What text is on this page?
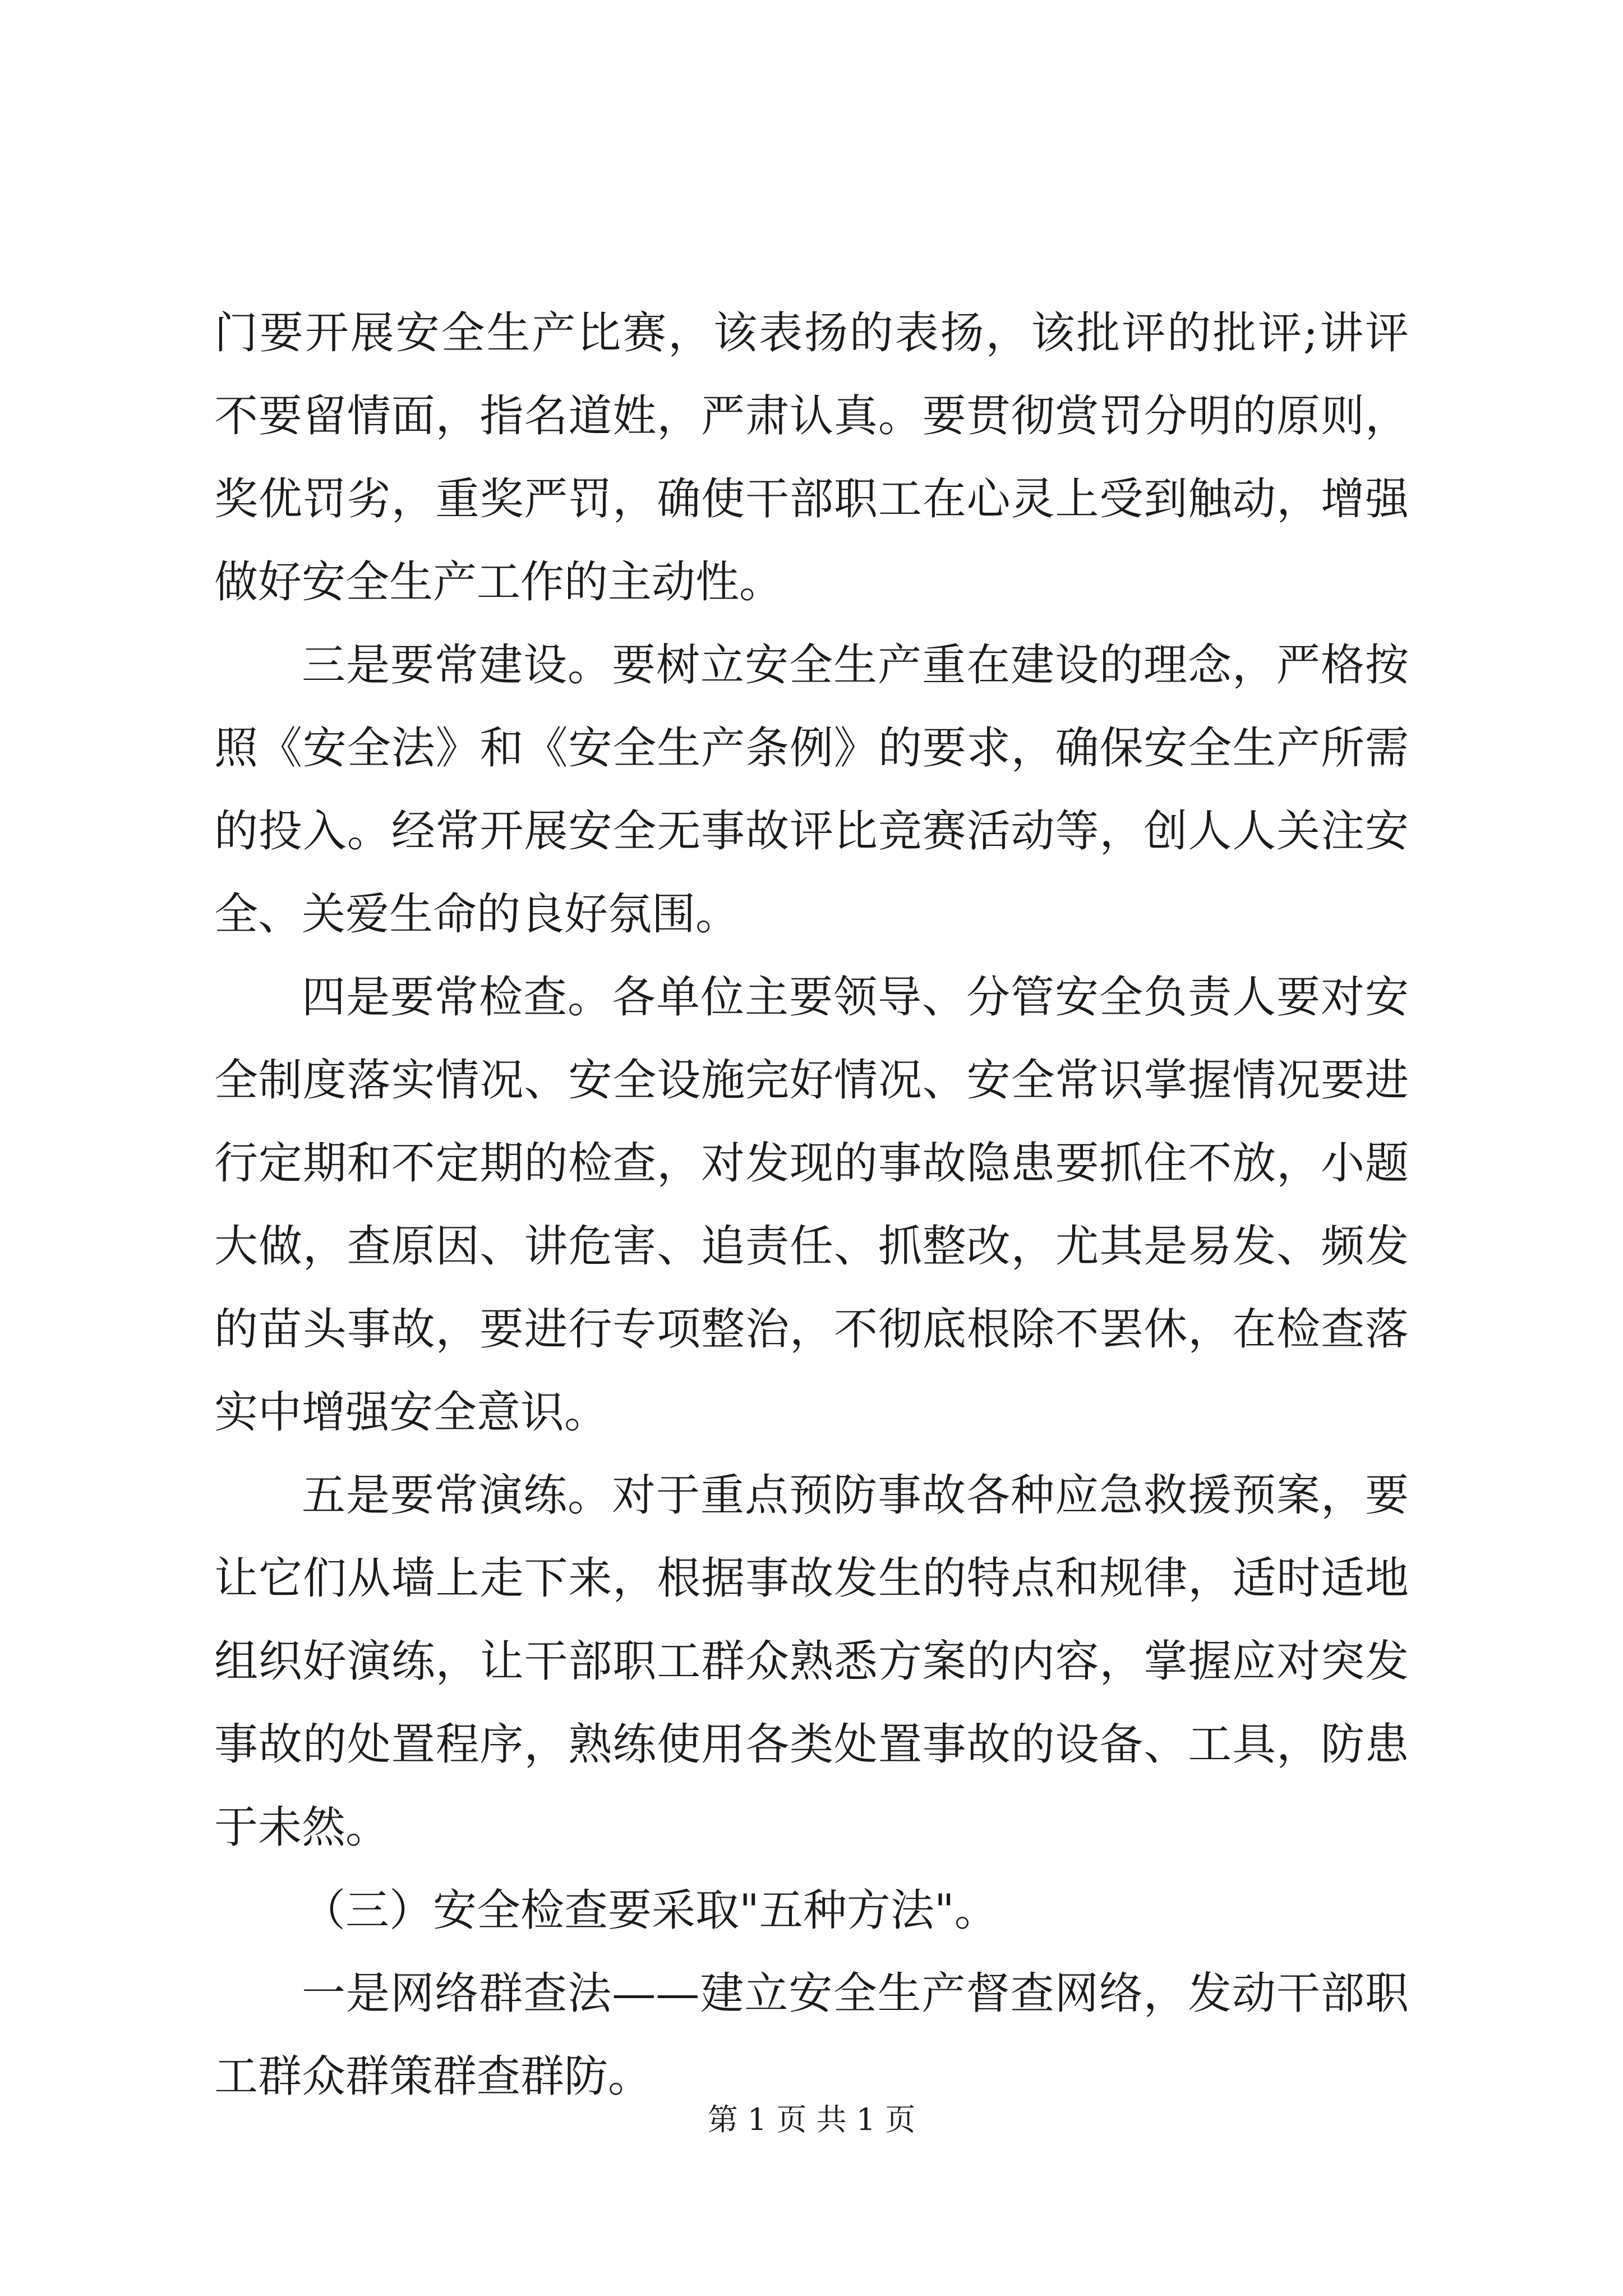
门要开展安全生产比赛，该表扬的表扬，该批评的批评;讲评不要留情面，指名道姓，严肃认真。要贯彻赏罚分明的原则，奖优罚劣，重奖严罚，确使干部职工在心灵上受到触动，增强做好安全生产工作的主动性。

三是要常建设。要树立安全生产重在建设的理念，严格按照《安全法》和《安全生产条例》的要求，确保安全生产所需的投入。经常开展安全无事故评比竞赛活动等，创人人关注安全、关爱生命的良好氛围。

四是要常检查。各单位主要领导、分管安全负责人要对安全制度落实情况、安全设施完好情况、安全常识掌握情况要进行定期和不定期的检查，对发现的事故隐患要抓住不放，小题大做，查原因、讲危害、追责任、抓整改，尤其是易发、频发的苗头事故，要进行专项整治，不彻底根除不罢休，在检查落实中增强安全意识。

五是要常演练。对于重点预防事故各种应急救援预案，要让它们从墙上走下来，根据事故发生的特点和规律，适时适地组织好演练，让干部职工群众熟悉方案的内容，掌握应对突发事故的处置程序，熟练使用各类处置事故的设备、工具，防患于未然。

（三）安全检查要采取"五种方法"。

一是网络群查法——建立安全生产督查网络，发动干部职工群众群策群查群防。

第 1 页 共 1 页
